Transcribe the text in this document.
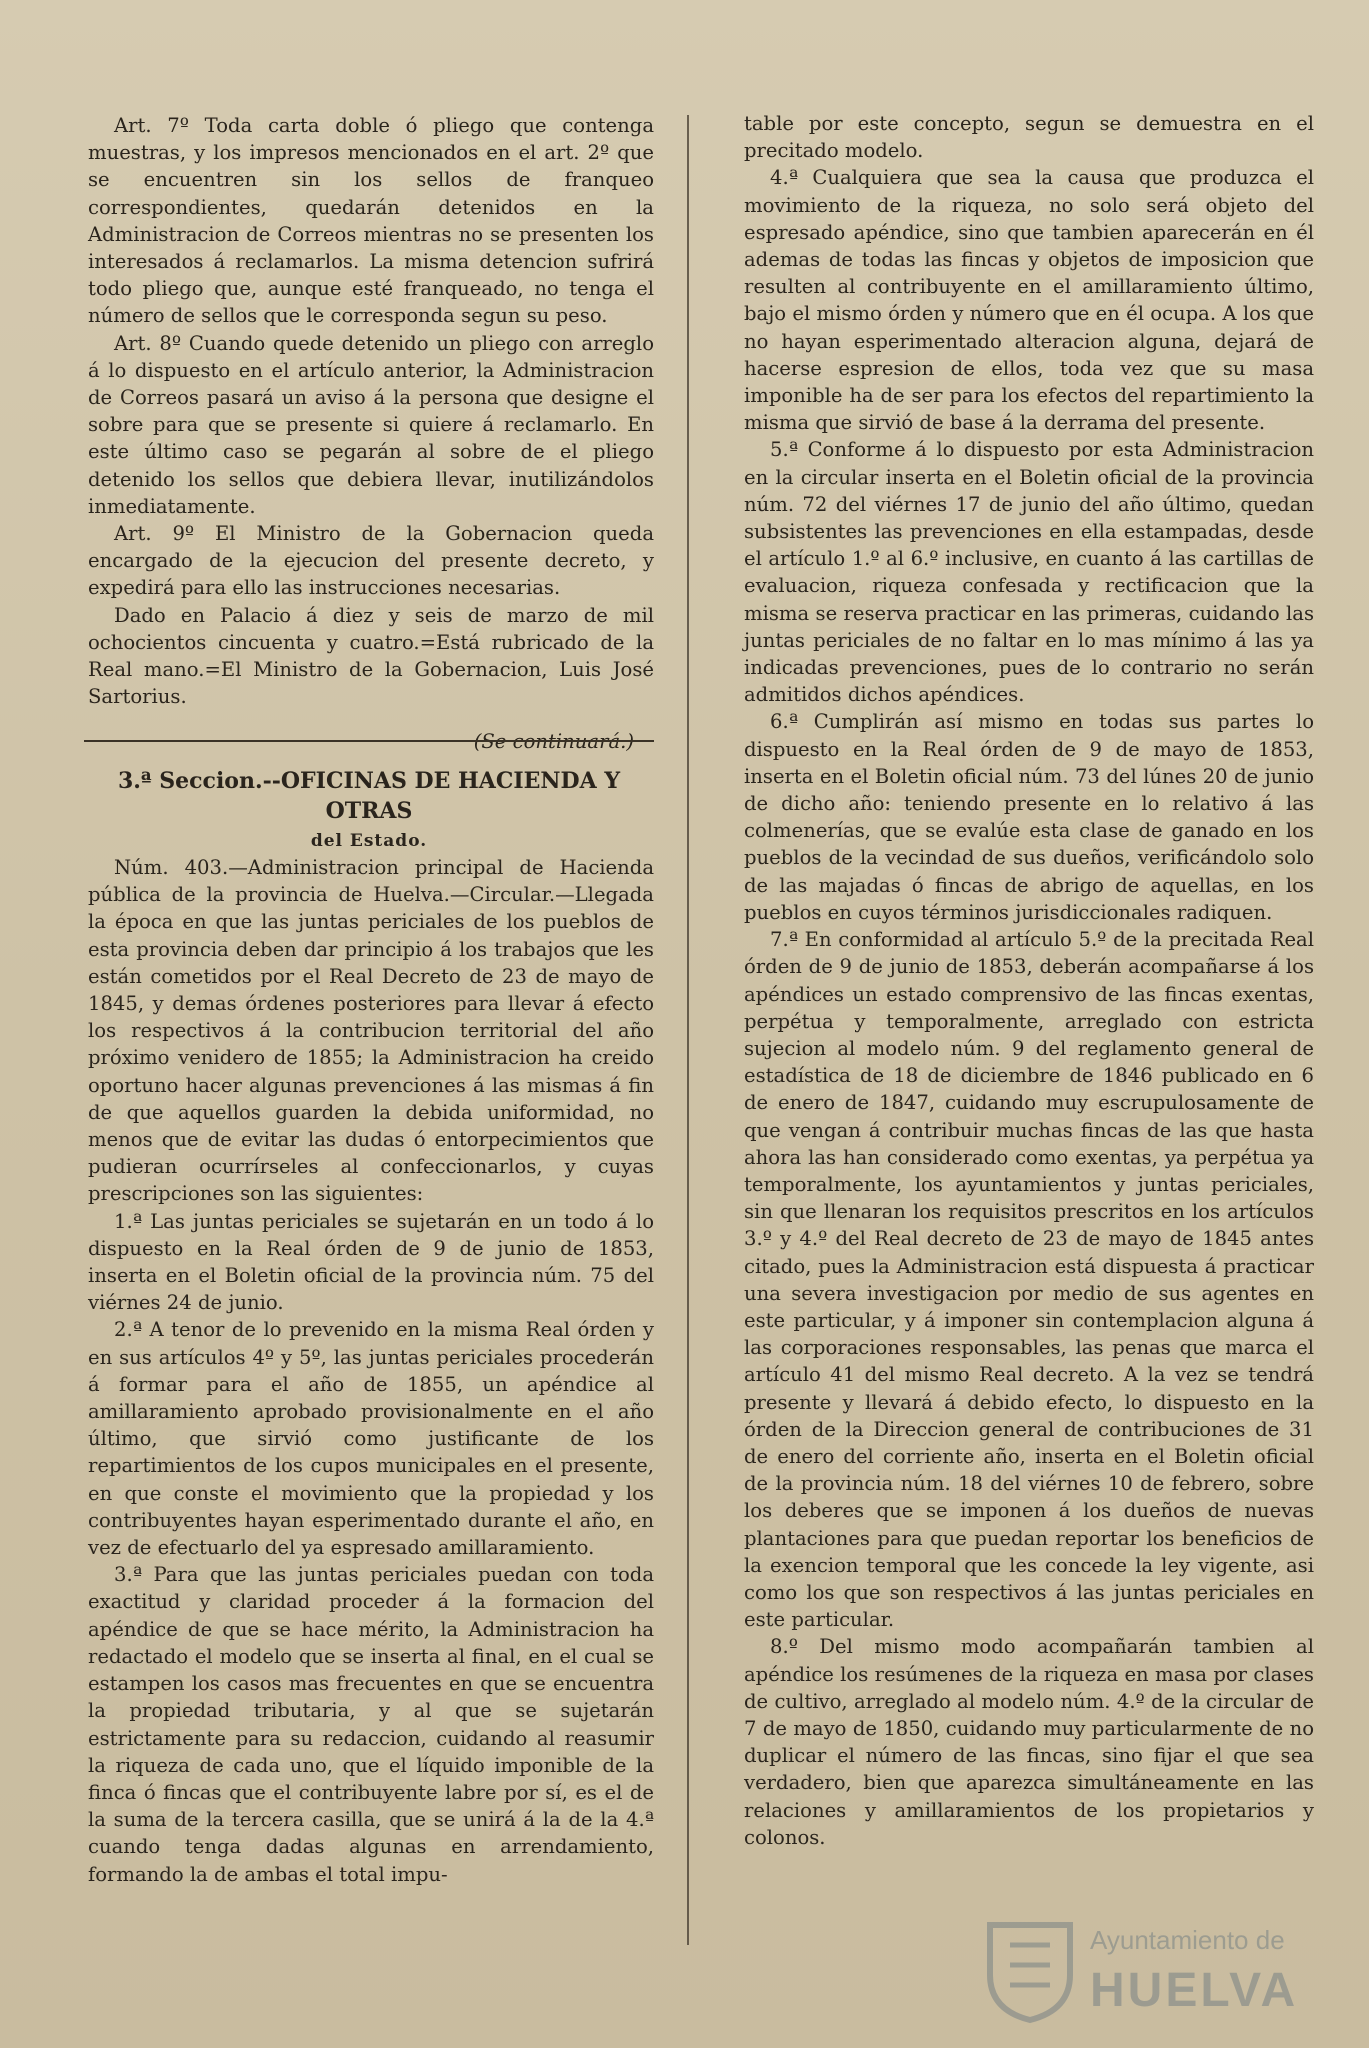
Art. 7º Toda carta doble ó pliego que contenga muestras, y los impresos mencionados en el art. 2º que se encuentren sin los sellos de franqueo correspondientes, quedarán detenidos en la Administracion de Correos mientras no se presenten los interesados á reclamarlos. La misma detencion sufrirá todo pliego que, aunque esté franqueado, no tenga el número de sellos que le corresponda segun su peso.

Art. 8º Cuando quede detenido un pliego con arreglo á lo dispuesto en el artículo anterior, la Administracion de Correos pasará un aviso á la persona que designe el sobre para que se presente si quiere á reclamarlo. En este último caso se pegarán al sobre de el pliego detenido los sellos que debiera llevar, inutilizándolos inmediatamente.

Art. 9º El Ministro de la Gobernacion queda encargado de la ejecucion del presente decreto, y expedirá para ello las instrucciones necesarias.

Dado en Palacio á diez y seis de marzo de mil ochocientos cincuenta y cuatro.=Está rubricado de la Real mano.=El Ministro de la Gobernacion, Luis José Sartorius.

3.ª Seccion.--OFICINAS DE HACIENDA Y OTRAS
del Estado.

Núm. 403.—Administracion principal de Hacienda pública de la provincia de Huelva.—Circular.—Llegada la época en que las juntas periciales de los pueblos de esta provincia deben dar principio á los trabajos que les están cometidos por el Real Decreto de 23 de mayo de 1845, y demas órdenes posteriores para llevar á efecto los respectivos á la contribucion territorial del año próximo venidero de 1855; la Administracion ha creido oportuno hacer algunas prevenciones á las mismas á fin de que aquellos guarden la debida uniformidad, no menos que de evitar las dudas ó entorpecimientos que pudieran ocurrírseles al confeccionarlos, y cuyas prescripciones son las siguientes:

1.ª Las juntas periciales se sujetarán en un todo á lo dispuesto en la Real órden de 9 de junio de 1853, inserta en el Boletin oficial de la provincia núm. 75 del viérnes 24 de junio.

2.ª A tenor de lo prevenido en la misma Real órden y en sus artículos 4º y 5º, las juntas periciales procederán á formar para el año de 1855, un apéndice al amillaramiento aprobado provisionalmente en el año último, que sirvió como justificante de los repartimientos de los cupos municipales en el presente, en que conste el movimiento que la propiedad y los contribuyentes hayan esperimentado durante el año, en vez de efectuarlo del ya espresado amillaramiento.

3.ª Para que las juntas periciales puedan con toda exactitud y claridad proceder á la formacion del apéndice de que se hace mérito, la Administracion ha redactado el modelo que se inserta al final, en el cual se estampen los casos mas frecuentes en que se encuentra la propiedad tributaria, y al que se sujetarán estrictamente para su redaccion, cuidando al reasumir la riqueza de cada uno, que el líquido imponible de la finca ó fincas que el contribuyente labre por sí, es el de la suma de la tercera casilla, que se unirá á la de la 4.ª cuando tenga dadas algunas en arrendamiento, formando la de ambas el total impu-

table por este concepto, segun se demuestra en el precitado modelo.

4.ª Cualquiera que sea la causa que produzca el movimiento de la riqueza, no solo será objeto del espresado apéndice, sino que tambien aparecerán en él ademas de todas las fincas y objetos de imposicion que resulten al contribuyente en el amillaramiento último, bajo el mismo órden y número que en él ocupa. A los que no hayan esperimentado alteracion alguna, dejará de hacerse espresion de ellos, toda vez que su masa imponible ha de ser para los efectos del repartimiento la misma que sirvió de base á la derrama del presente.

5.ª Conforme á lo dispuesto por esta Administracion en la circular inserta en el Boletin oficial de la provincia núm. 72 del viérnes 17 de junio del año último, quedan subsistentes las prevenciones en ella estampadas, desde el artículo 1.º al 6.º inclusive, en cuanto á las cartillas de evaluacion, riqueza confesada y rectificacion que la misma se reserva practicar en las primeras, cuidando las juntas periciales de no faltar en lo mas mínimo á las ya indicadas prevenciones, pues de lo contrario no serán admitidos dichos apéndices.

6.ª Cumplirán así mismo en todas sus partes lo dispuesto en la Real órden de 9 de mayo de 1853, inserta en el Boletin oficial núm. 73 del lúnes 20 de junio de dicho año: teniendo presente en lo relativo á las colmenerías, que se evalúe esta clase de ganado en los pueblos de la vecindad de sus dueños, verificándolo solo de las majadas ó fincas de abrigo de aquellas, en los pueblos en cuyos términos jurisdiccionales radiquen.

7.ª En conformidad al artículo 5.º de la precitada Real órden de 9 de junio de 1853, deberán acompañarse á los apéndices un estado comprensivo de las fincas exentas, perpétua y temporalmente, arreglado con estricta sujecion al modelo núm. 9 del reglamento general de estadística de 18 de diciembre de 1846 publicado en 6 de enero de 1847, cuidando muy escrupulosamente de que vengan á contribuir muchas fincas de las que hasta ahora las han considerado como exentas, ya perpétua ya temporalmente, los ayuntamientos y juntas periciales, sin que llenaran los requisitos prescritos en los artículos 3.º y 4.º del Real decreto de 23 de mayo de 1845 antes citado, pues la Administracion está dispuesta á practicar una severa investigacion por medio de sus agentes en este particular, y á imponer sin contemplacion alguna á las corporaciones responsables, las penas que marca el artículo 41 del mismo Real decreto. A la vez se tendrá presente y llevará á debido efecto, lo dispuesto en la órden de la Direccion general de contribuciones de 31 de enero del corriente año, inserta en el Boletin oficial de la provincia núm. 18 del viérnes 10 de febrero, sobre los deberes que se imponen á los dueños de nuevas plantaciones para que puedan reportar los beneficios de la exencion temporal que les concede la ley vigente, asi como los que son respectivos á las juntas periciales en este particular.

8.º Del mismo modo acompañarán tambien al apéndice los resúmenes de la riqueza en masa por clases de cultivo, arreglado al modelo núm. 4.º de la circular de 7 de mayo de 1850, cuidando muy particularmente de no duplicar el número de las fincas, sino fijar el que sea verdadero, bien que aparezca simultáneamente en las relaciones y amillaramientos de los propietarios y colonos.

Ayuntamiento de
HUELVA
